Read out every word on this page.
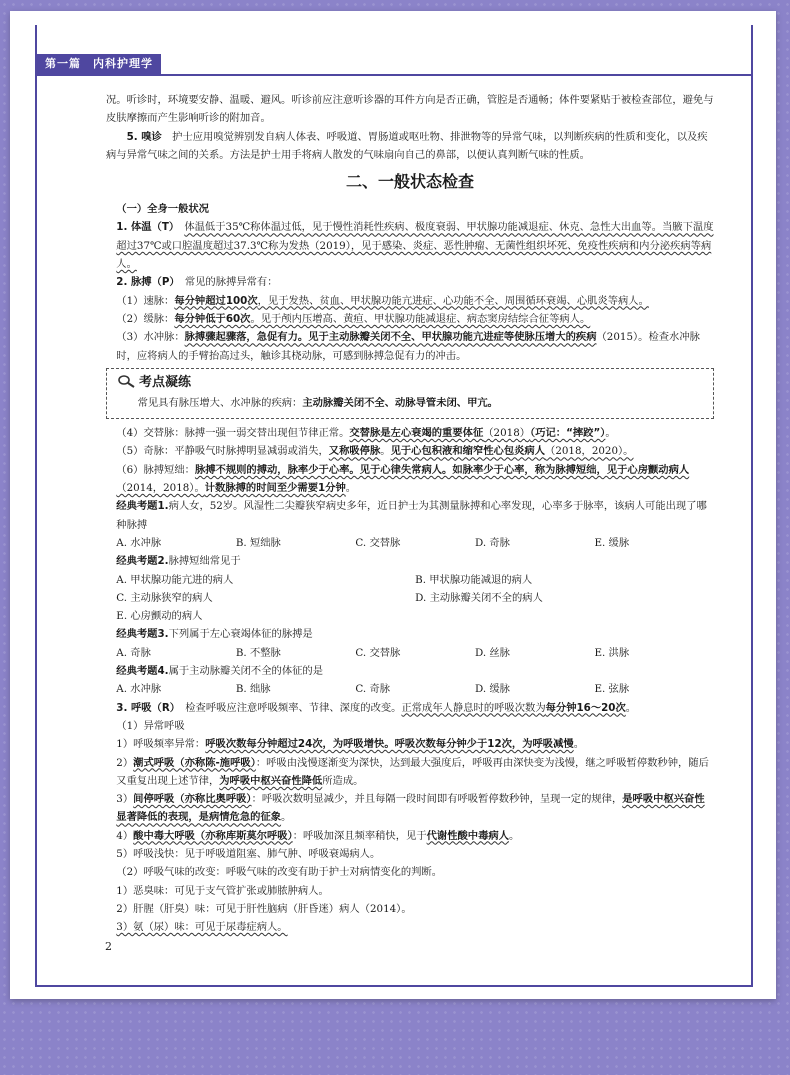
第一篇　内科护理学

况。听诊时，环境要安静、温暖、避风。听诊前应注意听诊器的耳件方向是否正确，管腔是否通畅；体件要紧贴于被检查部位，避免与皮肤摩擦而产生影响听诊的附加音。

5. 嗅诊　 护士应用嗅觉辨别发自病人体表、呼吸道、胃肠道或呕吐物、排泄物等的异常气味，以判断疾病的性质和变化，以及疾病与异常气味之间的关系。方法是护士用手将病人散发的气味扇向自己的鼻部，以便认真判断气味的性质。

二、一般状态检查
（一）全身一般状况

1. 体温（T）　 体温低于35℃称体温过低，见于慢性消耗性疾病、极度衰弱、甲状腺功能减退症、休克、急性大出血等。当腋下温度超过37℃或口腔温度超过37.3℃称为发热（2019），见于感染、炎症、恶性肿瘤、无菌性组织坏死、免疫性疾病和内分泌疾病等病人。

2. 脉搏（P）　 常见的脉搏异常有：

（1）速脉：每分钟超过100次，见于发热、贫血、甲状腺功能亢进症、心功能不全、周围循环衰竭、心肌炎等病人。

（2）缓脉：每分钟低于60次。见于颅内压增高、黄疸、甲状腺功能减退症、病态窦房结综合征等病人。

（3）水冲脉：脉搏骤起骤落，急促有力。见于主动脉瓣关闭不全、甲状腺功能亢进症等使脉压增大的疾病（2015）。检查水冲脉时，应将病人的手臂抬高过头，触诊其桡动脉，可感到脉搏急促有力的冲击。

考点凝练

常见具有脉压增大、水冲脉的疾病：主动脉瓣关闭不全、动脉导管未闭、甲亢。

（4）交替脉：脉搏一强一弱交替出现但节律正常。交替脉是左心衰竭的重要体征（2018）（巧记：“摔跤”）。

（5）奇脉：平静吸气时脉搏明显减弱或消失，又称吸停脉。见于心包积液和缩窄性心包炎病人（2018，2020）。

（6）脉搏短绌：脉搏不规则的搏动，脉率少于心率。见于心律失常病人。如脉率少于心率，称为脉搏短绌，见于心房颤动病人（2014，2018）。计数脉搏的时间至少需要1分钟。

经典考题1.病人女，52岁。风湿性二尖瓣狭窄病史多年，近日护士为其测量脉搏和心率发现，心率多于脉率，该病人可能出现了哪种脉搏

A. 水冲脉	B. 短绌脉	C. 交替脉	D. 奇脉	E. 缓脉

经典考题2.脉搏短绌常见于

A. 甲状腺功能亢进的病人	B. 甲状腺功能减退的病人
C. 主动脉狭窄的病人	D. 主动脉瓣关闭不全的病人
E. 心房颤动的病人

经典考题3.下列属于左心衰竭体征的脉搏是

A. 奇脉	B. 不整脉	C. 交替脉	D. 丝脉	E. 洪脉

经典考题4.属于主动脉瓣关闭不全的体征的是

A. 水冲脉	B. 绌脉	C. 奇脉	D. 缓脉	E. 弦脉

3. 呼吸（R）　 检查呼吸应注意呼吸频率、节律、深度的改变。正常成年人静息时的呼吸次数为每分钟16～20次。

（1）异常呼吸

1）呼吸频率异常：呼吸次数每分钟超过24次，为呼吸增快。呼吸次数每分钟少于12次，为呼吸减慢。

2）潮式呼吸（亦称陈-施呼吸）：呼吸由浅慢逐渐变为深快，达到最大强度后，呼吸再由深快变为浅慢，继之呼吸暂停数秒钟，随后又重复出现上述节律，为呼吸中枢兴奋性降低所造成。

3）间停呼吸（亦称比奥呼吸）：呼吸次数明显减少，并且每隔一段时间即有呼吸暂停数秒钟，呈现一定的规律，是呼吸中枢兴奋性显著降低的表现，是病情危急的征象。

4）酸中毒大呼吸（亦称库斯莫尔呼吸）：呼吸加深且频率稍快，见于代谢性酸中毒病人。

5）呼吸浅快：见于呼吸道阻塞、肺气肿、呼吸衰竭病人。

（2）呼吸气味的改变：呼吸气味的改变有助于护士对病情变化的判断。

1）恶臭味：可见于支气管扩张或肺脓肿病人。

2）肝腥（肝臭）味：可见于肝性脑病（肝昏迷）病人（2014）。

3）氨（尿）味：可见于尿毒症病人。

2
